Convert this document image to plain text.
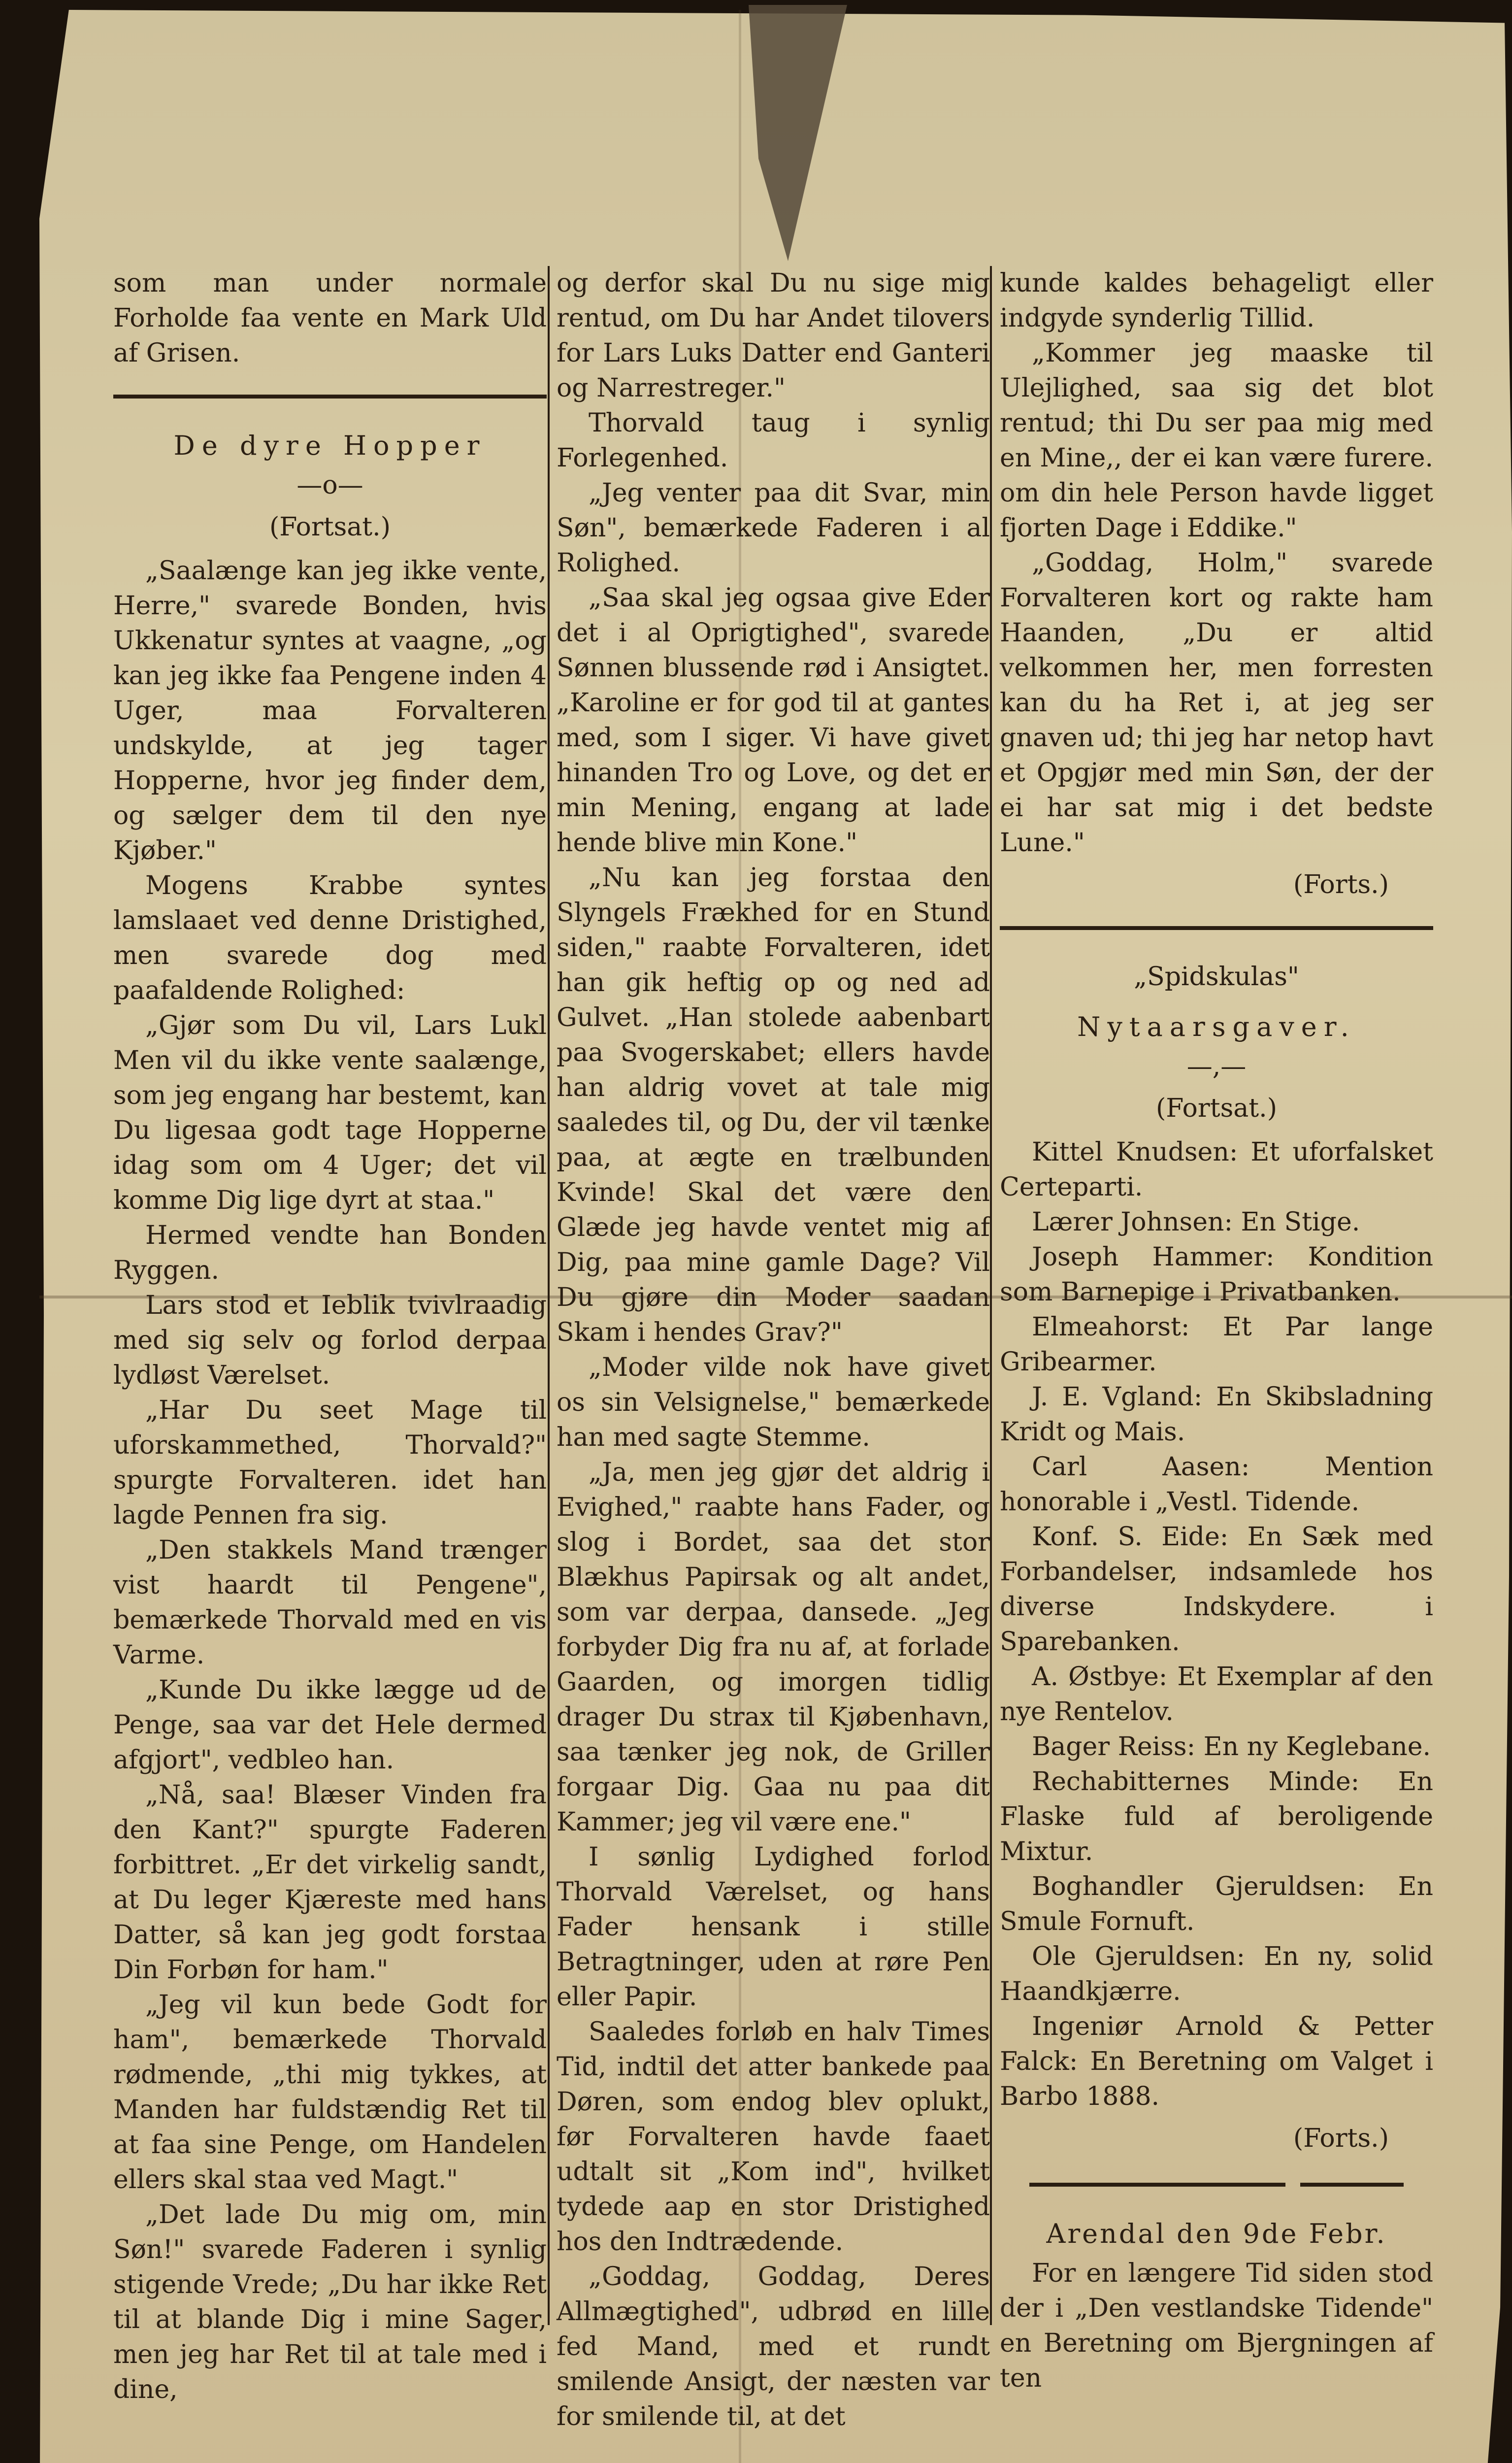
som man under normale Forholde faa vente en Mark Uld af Grisen.

De dyre Hopper
—o—
(Fortsat.)

„Saalænge kan jeg ikke vente, Herre," svarede Bonden, hvis Ukkenatur syntes at vaagne, „og kan jeg ikke faa Pengene inden 4 Uger, maa Forvalteren undskylde, at jeg tager Hopperne, hvor jeg finder dem, og sælger dem til den nye Kjøber."

Mogens Krabbe syntes lamslaaet ved denne Dristighed, men svarede dog med paafaldende Rolighed:

„Gjør som Du vil, Lars Lukl Men vil du ikke vente saalænge, som jeg engang har bestemt, kan Du ligesaa godt tage Hopperne idag som om 4 Uger; det vil komme Dig lige dyrt at staa."

Hermed vendte han Bonden Ryggen.

Lars stod et Ieblik tvivlraadig med sig selv og forlod derpaa lydløst Værelset.

„Har Du seet Mage til uforskammethed, Thorvald?" spurgte Forvalteren. idet han lagde Pennen fra sig.

„Den stakkels Mand trænger vist haardt til Pengene", bemærkede Thorvald med en vis Varme.

„Kunde Du ikke lægge ud de Penge, saa var det Hele dermed afgjort", vedbleo han.

„Nå, saa! Blæser Vinden fra den Kant?" spurgte Faderen forbittret. „Er det virkelig sandt, at Du leger Kjæreste med hans Datter, så kan jeg godt forstaa Din Forbøn for ham."

„Jeg vil kun bede Godt for ham", bemærkede Thorvald rødmende, „thi mig tykkes, at Manden har fuldstændig Ret til at faa sine Penge, om Handelen ellers skal staa ved Magt."

„Det lade Du mig om, min Søn!" svarede Faderen i synlig stigende Vrede; „Du har ikke Ret til at blande Dig i mine Sager, men jeg har Ret til at tale med i dine,

og derfor skal Du nu sige mig rentud, om Du har Andet tilovers for Lars Luks Datter end Ganteri og Narrestreger."

Thorvald taug i synlig Forlegenhed.

„Jeg venter paa dit Svar, min Søn", bemærkede Faderen i al Rolighed.

„Saa skal jeg ogsaa give Eder det i al Oprigtighed", svarede Sønnen blussende rød i Ansigtet. „Karoline er for god til at gantes med, som I siger. Vi have givet hinanden Tro og Love, og det er min Mening, engang at lade hende blive min Kone."

„Nu kan jeg forstaa den Slyngels Frækhed for en Stund siden," raabte Forvalteren, idet han gik heftig op og ned ad Gulvet. „Han stolede aabenbart paa Svogerskabet; ellers havde han aldrig vovet at tale mig saaledes til, og Du, der vil tænke paa, at ægte en trælbunden Kvinde! Skal det være den Glæde jeg havde ventet mig af Dig, paa mine gamle Dage? Vil Du gjøre din Moder saadan Skam i hendes Grav?"

„Moder vilde nok have givet os sin Velsignelse," bemærkede han med sagte Stemme.

„Ja, men jeg gjør det aldrig i Evighed," raabte hans Fader, og slog i Bordet, saa det stor Blækhus Papirsak og alt andet, som var derpaa, dansede. „Jeg forbyder Dig fra nu af, at forlade Gaarden, og imorgen tidlig drager Du strax til Kjøbenhavn, saa tænker jeg nok, de Griller forgaar Dig. Gaa nu paa dit Kammer; jeg vil være ene."

I sønlig Lydighed forlod Thorvald Værelset, og hans Fader hensank i stille Betragtninger, uden at røre Pen eller Papir.

Saaledes forløb en halv Times Tid, indtil det atter bankede paa Døren, som endog blev oplukt, før Forvalteren havde faaet udtalt sit „Kom ind", hvilket tydede aap en stor Dristighed hos den Indtrædende.

„Goddag, Goddag, Deres Allmægtighed", udbrød en lille fed Mand, med et rundt smilende Ansigt, der næsten var for smilende til, at det

kunde kaldes behageligt eller indgyde synderlig Tillid.

„Kommer jeg maaske til Ulejlighed, saa sig det blot rentud; thi Du ser paa mig med en Mine,, der ei kan være furere. om din hele Person havde ligget fjorten Dage i Eddike."

„Goddag, Holm," svarede Forvalteren kort og rakte ham Haanden, „Du er altid velkommen her, men forresten kan du ha Ret i, at jeg ser gnaven ud; thi jeg har netop havt et Opgjør med min Søn, der der ei har sat mig i det bedste Lune."

(Forts.)
„Spidskulas"
Nytaarsgaver.
—,—
(Fortsat.)

Kittel Knudsen: Et uforfalsket Certeparti.

Lærer Johnsen: En Stige.

Joseph Hammer: Kondition som Barnepige i Privatbanken.

Elmeahorst: Et Par lange Gribearmer.

J. E. Vgland: En Skibsladning Kridt og Mais.

Carl Aasen: Mention honorable i „Vestl. Tidende.

Konf. S. Eide: En Sæk med Forbandelser, indsamlede hos diverse Indskydere. i Sparebanken.

A. Østbye: Et Exemplar af den nye Rentelov.

Bager Reiss: En ny Keglebane.

Rechabitternes Minde: En Flaske fuld af beroligende Mixtur.

Boghandler Gjeruldsen: En Smule Fornuft.

Ole Gjeruldsen: En ny, solid Haandkjærre.

Ingeniør Arnold & Petter Falck: En Beretning om Valget i Barbo 1888.

(Forts.)
Arendal den 9de Febr.

For en længere Tid siden stod der i „Den vestlandske Tidende" en Beretning om Bjergningen af ten
